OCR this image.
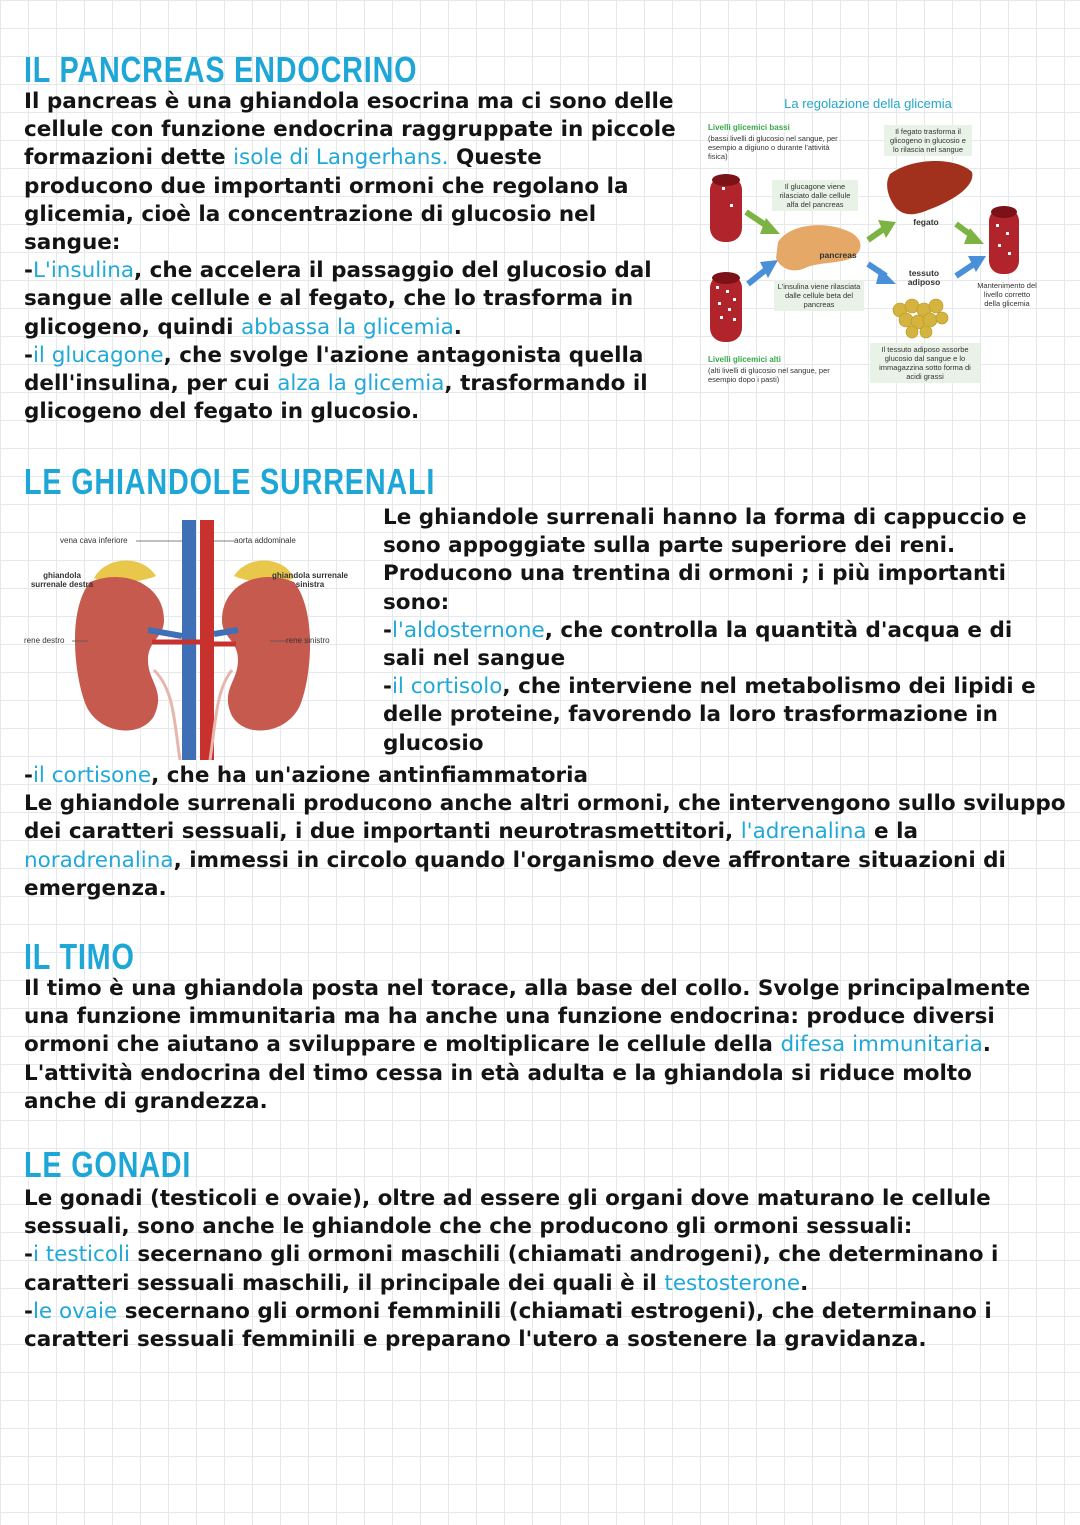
IL PANCREAS ENDOCRINO
Il pancreas è una ghiandola esocrina ma ci sono delle
cellule con funzione endocrina raggruppate in piccole
formazioni dette isole di Langerhans. Queste
producono due importanti ormoni che regolano la
glicemia, cioè la concentrazione di glucosio nel
sangue:
-L'insulina, che accelera il passaggio del glucosio dal
sangue alle cellule e al fegato, che lo trasforma in
glicogeno, quindi abbassa la glicemia.
-il glucagone, che svolge l'azione antagonista quella
dell'insulina, per cui alza la glicemia, trasformando il
glicogeno del fegato in glucosio.
La regolazione della glicemia
Livelli glicemici bassi
(bassi livelli di glucosio nel sangue, per esempio a digiuno o durante l'attività fisica)
Il fegato trasforma il glicogeno in glucosio e lo rilascia nel sangue
Il glucagone viene rilasciato dalle cellule alfa del pancreas
fegato
pancreas
tessuto adiposo
L'insulina viene rilasciata dalle cellule beta del pancreas
Mantenimento del livello corretto della glicemia
Il tessuto adiposo assorbe glucosio dal sangue e lo immagazzina sotto forma di acidi grassi
Livelli glicemici alti
(alti livelli di glucosio nel sangue, per esempio dopo i pasti)
LE GHIANDOLE SURRENALI
vena cava inferiore	aorta addominale
ghiandola surrenale destra
ghiandola surrenale sinistra
rene destro	rene sinistro
Le ghiandole surrenali hanno la forma di cappuccio e
sono appoggiate sulla parte superiore dei reni.
Producono una trentina di ormoni ; i più importanti
sono:
-l'aldosternone, che controlla la quantità d'acqua e di
sali nel sangue
-il cortisolo, che interviene nel metabolismo dei lipidi e
delle proteine, favorendo la loro trasformazione in
glucosio
-il cortisone, che ha un'azione antinfiammatoria
Le ghiandole surrenali producono anche altri ormoni, che intervengono sullo sviluppo
dei caratteri sessuali, i due importanti neurotrasmettitori, l'adrenalina e la
noradrenalina, immessi in circolo quando l'organismo deve affrontare situazioni di
emergenza.
IL TIMO
Il timo è una ghiandola posta nel torace, alla base del collo. Svolge principalmente
una funzione immunitaria ma ha anche una funzione endocrina: produce diversi
ormoni che aiutano a sviluppare e moltiplicare le cellule della difesa immunitaria.
L'attività endocrina del timo cessa in età adulta e la ghiandola si riduce molto
anche di grandezza.
LE GONADI
Le gonadi (testicoli e ovaie), oltre ad essere gli organi dove maturano le cellule
sessuali, sono anche le ghiandole che che producono gli ormoni sessuali:
-i testicoli secernano gli ormoni maschili (chiamati androgeni), che determinano i
caratteri sessuali maschili, il principale dei quali è il testosterone.
-le ovaie secernano gli ormoni femminili (chiamati estrogeni), che determinano i
caratteri sessuali femminili e preparano l'utero a sostenere la gravidanza.
